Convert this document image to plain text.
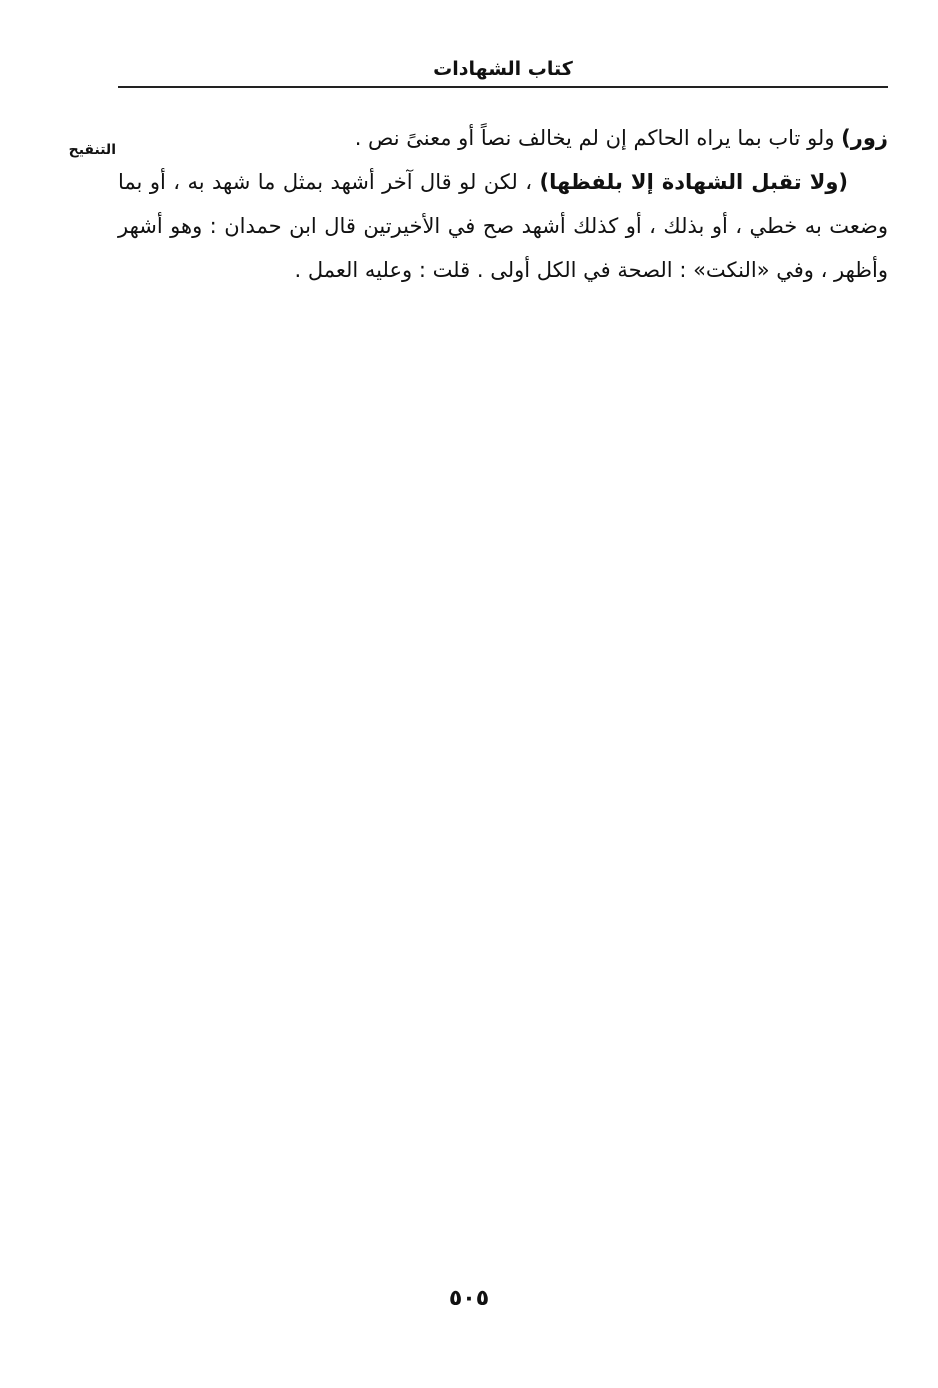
كتاب الشهادات
التنقيح	زور) ولو تاب بما يراه الحاكم إن لم يخالف نصاً أو معنىً نص .

(ولا تقبل الشهادة إلا بلفظها) ، لكن لو قال آخر أشهد بمثل ما شهد به ، أو بما وضعت به خطي ، أو بذلك ، أو كذلك أشهد صح في الأخيرتين قال ابن حمدان : وهو أشهر وأظهر ، وفي «النكت» : الصحة في الكل أولى . قلت : وعليه العمل .

٥٠٥
